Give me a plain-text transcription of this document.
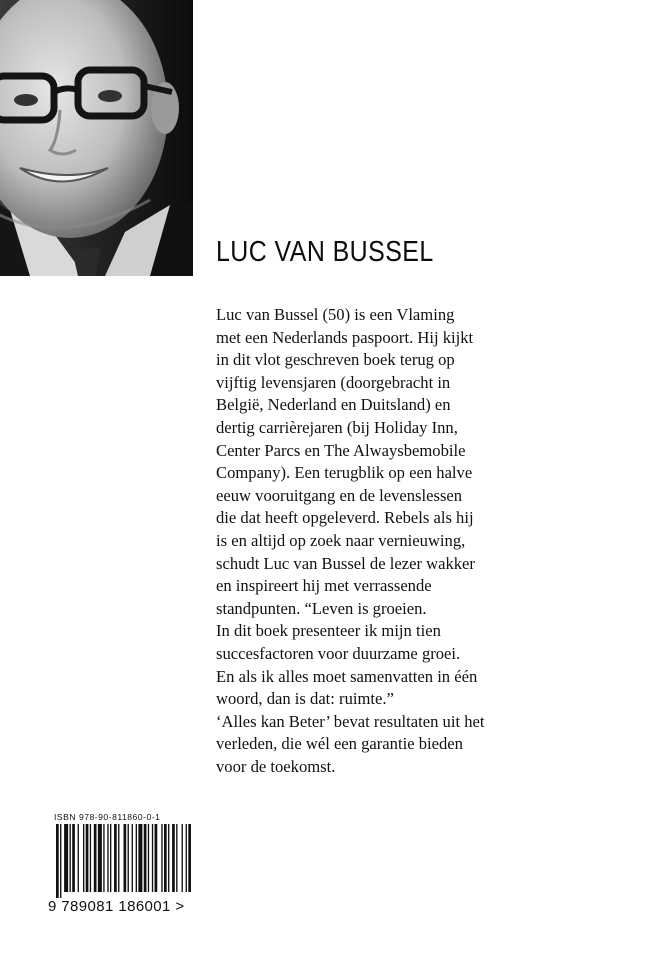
LUC VAN BUSSEL
Luc van Bussel (50) is een Vlaming
met een Nederlands paspoort. Hij kijkt
in dit vlot geschreven boek terug op
vijftig levensjaren (doorgebracht in
België, Nederland en Duitsland) en
dertig carrièrejaren (bij Holiday Inn,
Center Parcs en The Alwaysbemobile
Company). Een terugblik op een halve
eeuw vooruitgang en de levenslessen
die dat heeft opgeleverd. Rebels als hij
is en altijd op zoek naar vernieuwing,
schudt Luc van Bussel de lezer wakker
en inspireert hij met verrassende
standpunten. “Leven is groeien.
In dit boek presenteer ik mijn tien
succesfactoren voor duurzame groei.
En als ik alles moet samenvatten in één
woord, dan is dat: ruimte.”
‘Alles kan Beter’ bevat resultaten uit het
verleden, die wél een garantie bieden
voor de toekomst.
ISBN 978-90-811860-0-1
9 789081 186001 >
